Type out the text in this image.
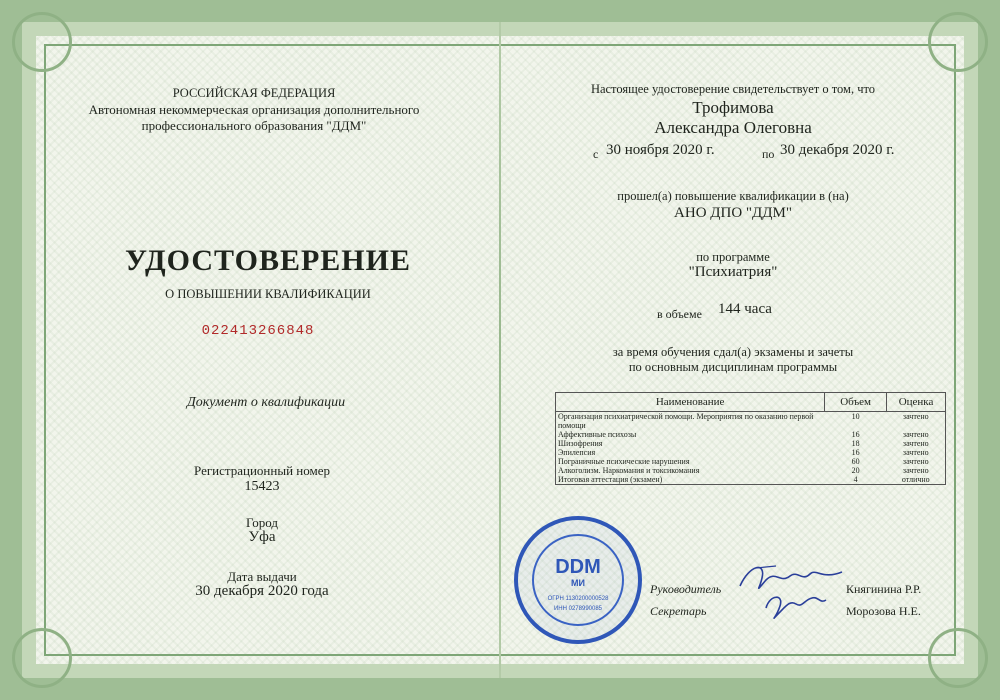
РОССИЙСКАЯ ФЕДЕРАЦИЯ
Автономная некоммерческая организация дополнительного
профессионального образования "ДДМ"
УДОСТОВЕРЕНИЕ
О ПОВЫШЕНИИ КВАЛИФИКАЦИИ
022413266848
Документ о квалификации
Регистрационный номер
15423
Город
Уфа
Дата выдачи
30 декабря 2020 года
Настоящее удостоверение свидетельствует о том, что
Трофимова
Александра Олеговна
с 30 ноября 2020 г.	по 30 декабря 2020 г.
прошел(а) повышение квалификации в (на)
АНО ДПО "ДДМ"
по программе
"Психиатрия"
в объеме 144 часа
за время обучения сдал(а) экзамены и зачеты
по основным дисциплинам программы
Наименование	Объем	Оценка
Организация психиатрической помощи. Мероприятия по оказанию первой помощи	10	зачтено
Аффективные психозы	16	зачтено
Шизофрения	18	зачтено
Эпилепсия	16	зачтено
Пограничные психические нарушения	60	зачтено
Алкоголизм. Наркомания и токсикомания	20	зачтено
Итоговая аттестация (экзамен)	4	отлично
DDM
МИ
ОГРН 1130200000528
ИНН 0278990085
Руководитель	Княгинина Р.Р.
Секретарь	Морозова Н.Е.
